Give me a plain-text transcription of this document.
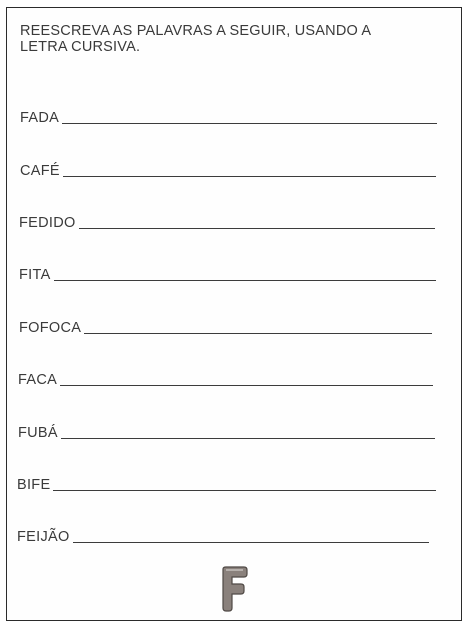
REESCREVA AS PALAVRAS A SEGUIR, USANDO A LETRA CURSIVA.

FADA
CAFÉ
FEDIDO
FITA
FOFOCA
FACA
FUBÁ
BIFE
FEIJÃO
